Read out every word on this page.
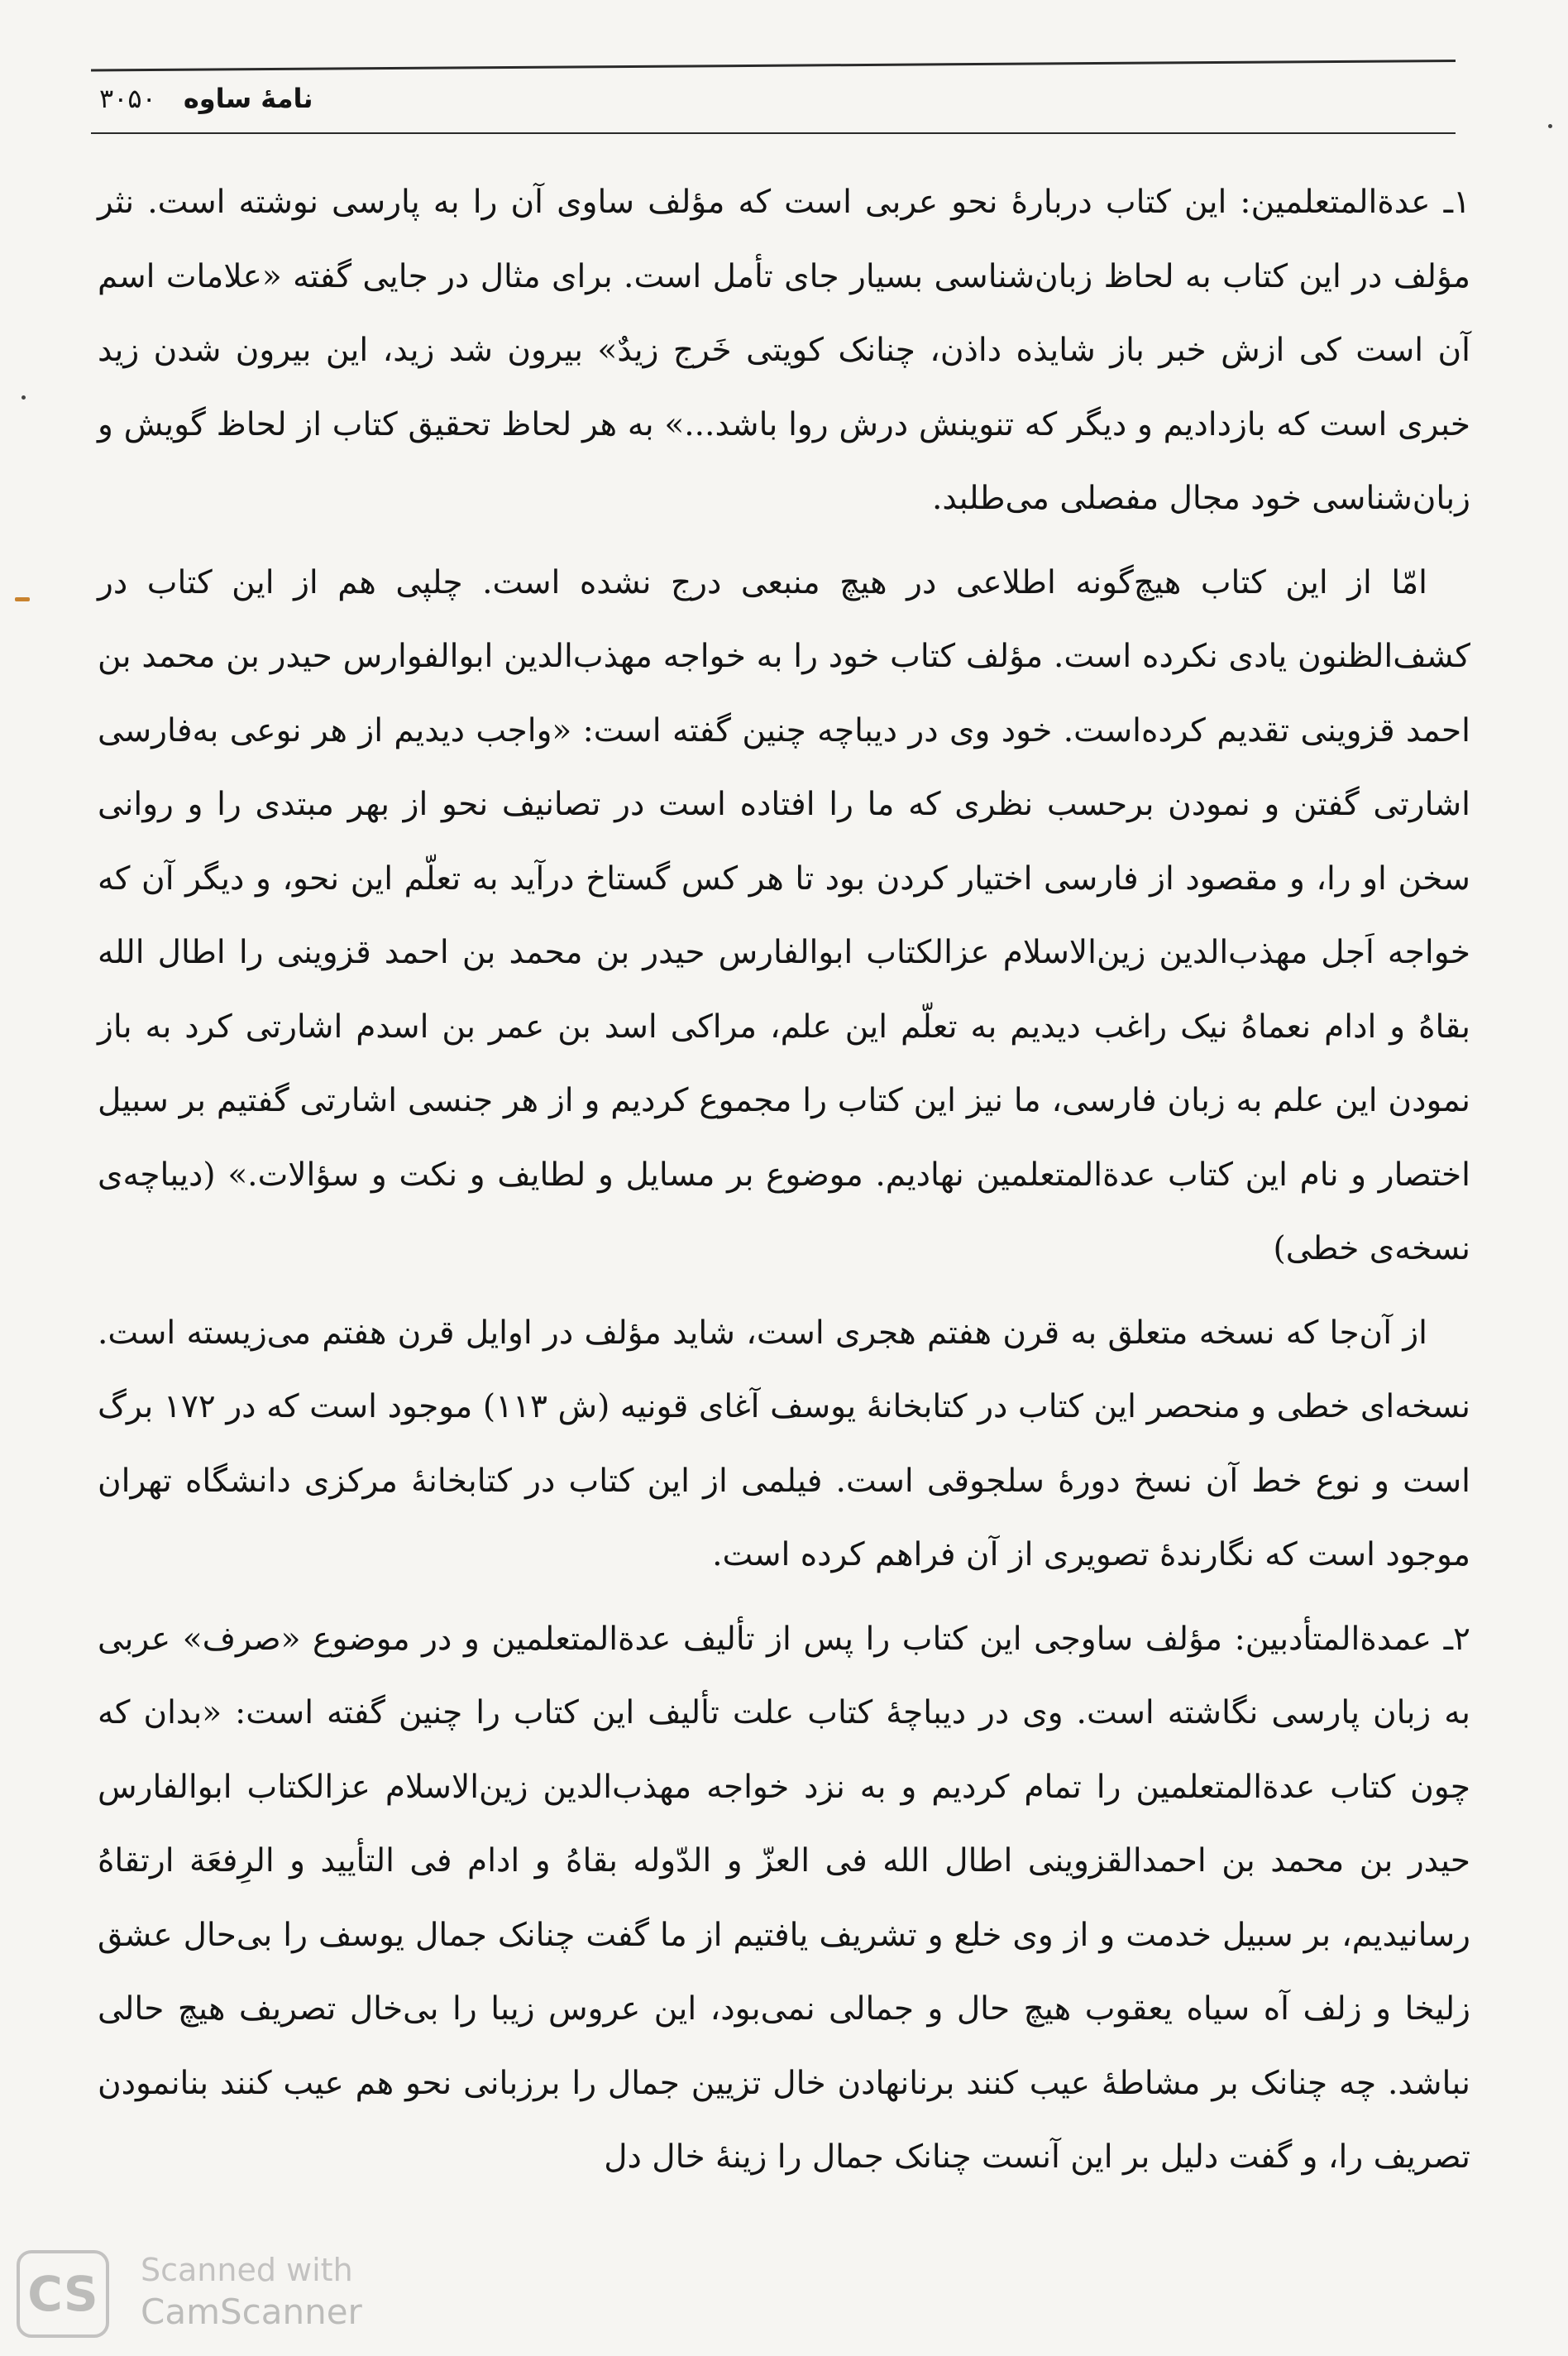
نامهٔ ساوه ۳۰۵۰

۱ـ عدةالمتعلمین: این کتاب دربارهٔ نحو عربی است که مؤلف ساوی آن را به پارسی نوشته است. نثر مؤلف در این کتاب به لحاظ زبان‌شناسی بسیار جای تأمل است. برای مثال در جایی گفته «علامات اسم آن است کی ازش خبر باز شایذه داذن، چنانک کویتی خَرج زیدٌ» بیرون شد زید، این بیرون شدن زید خبری است که بازدادیم و دیگر که تنوینش درش روا باشد...» به هر لحاظ تحقیق کتاب از لحاظ گویش و زبان‌شناسی خود مجال مفصلی می‌طلبد.

امّا از این کتاب هیچ‌گونه اطلاعی در هیچ منبعی درج نشده است. چلپی هم از این کتاب در کشف‌الظنون یادی نکرده است. مؤلف کتاب خود را به خواجه مهذب‌الدین ابوالفوارس حیدر بن محمد بن احمد قزوینی تقدیم کرده‌است. خود وی در دیباچه چنین گفته است: «واجب دیدیم از هر نوعی به‌فارسی اشارتی گفتن و نمودن برحسب نظری که ما را افتاده است در تصانیف نحو از بهر مبتدی را و روانی سخن او را، و مقصود از فارسی اختیار کردن بود تا هر کس گستاخ درآید به تعلّم این نحو، و دیگر آن که خواجه اَجل مهذب‌الدین زین‌الاسلام عزالکتاب ابوالفارس حیدر بن محمد بن احمد قزوینی را اطال الله بقاهُ و ادام نعماهُ نیک راغب دیدیم به تعلّم این علم، مراکی اسد بن عمر بن اسدم اشارتی کرد به باز نمودن این علم به زبان فارسی، ما نیز این کتاب را مجموع کردیم و از هر جنسی اشارتی گفتیم بر سبیل اختصار و نام این کتاب عدةالمتعلمین نهادیم. موضوع بر مسایل و لطایف و نکت و سؤالات.» (دیباچه‌ی نسخه‌ی خطی)

از آن‌جا که نسخه متعلق به قرن هفتم هجری است، شاید مؤلف در اوایل قرن هفتم می‌زیسته است. نسخه‌ای خطی و منحصر این کتاب در کتابخانهٔ یوسف آغای قونیه (ش ۱۱۳) موجود است که در ۱۷۲ برگ است و نوع خط آن نسخ دورهٔ سلجوقی است. فیلمی از این کتاب در کتابخانهٔ مرکزی دانشگاه تهران موجود است که نگارندهٔ تصویری از آن فراهم کرده است.

۲ـ عمدةالمتأدبین: مؤلف ساوجی این کتاب را پس از تألیف عدةالمتعلمین و در موضوع «صرف» عربی به زبان پارسی نگاشته است. وی در دیباچهٔ کتاب علت تألیف این کتاب را چنین گفته است: «بدان که چون کتاب عدةالمتعلمین را تمام کردیم و به نزد خواجه مهذب‌الدین زین‌الاسلام عزالکتاب ابوالفارس حیدر بن محمد بن احمدالقزوینی اطال الله فی العزّ و الدّوله بقاهُ و ادام فی التأیید و الرِفعَة ارتقاهُ رسانیدیم، بر سبیل خدمت و از وی خلع و تشریف یافتیم از ما گفت چنانک جمال یوسف را بی‌حال عشق زلیخا و زلف آه سیاه یعقوب هیچ حال و جمالی نمی‌بود، این عروس زیبا را بی‌خال تصریف هیچ حالی نباشد. چه چنانک بر مشاطهٔ عیب کنند برنانهادن خال تزیین جمال را برزبانی نحو هم عیب کنند بنانمودن تصریف را، و گفت دلیل بر این آنست چنانک جمال را زینهٔ خال دل

CS	Scanned with
CamScanner
